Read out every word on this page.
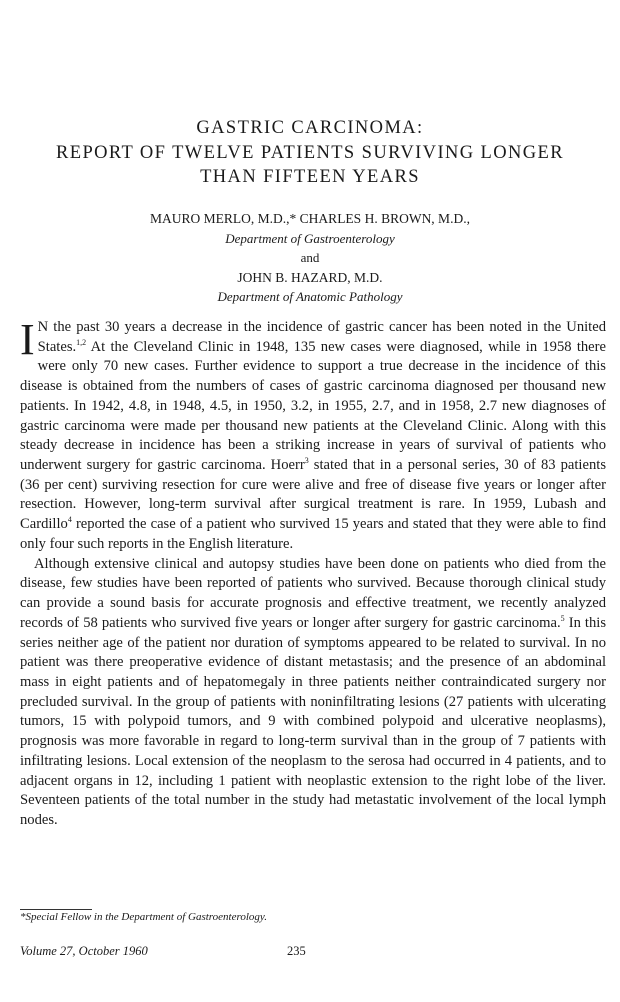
GASTRIC CARCINOMA:
REPORT OF TWELVE PATIENTS SURVIVING LONGER
THAN FIFTEEN YEARS
MAURO MERLO, M.D.,* CHARLES H. BROWN, M.D.,
Department of Gastroenterology
and
JOHN B. HAZARD, M.D.
Department of Anatomic Pathology

I N the past 30 years a decrease in the incidence of gastric cancer has been noted in the United States.$^{1,2}$ At the Cleveland Clinic in 1948, 135 new cases were diagnosed, while in 1958 there were only 70 new cases. Further evidence to support a true decrease in the incidence of this disease is obtained from the numbers of cases of gastric carcinoma diagnosed per thousand new patients. In 1942, 4.8, in 1948, 4.5, in 1950, 3.2, in 1955, 2.7, and in 1958, 2.7 new diagnoses of gastric carcinoma were made per thousand new patients at the Cleveland Clinic. Along with this steady decrease in incidence has been a striking increase in years of survival of patients who underwent surgery for gastric carcinoma. Hoerr$^3$ stated that in a personal series, 30 of 83 patients (36 per cent) surviving resection for cure were alive and free of disease five years or longer after resection. However, long-term survival after surgical treatment is rare. In 1959, Lubash and Cardillo$^4$ reported the case of a patient who survived 15 years and stated that they were able to find only four such reports in the English literature.

Although extensive clinical and autopsy studies have been done on patients who died from the disease, few studies have been reported of patients who survived. Because thorough clinical study can provide a sound basis for accurate prognosis and effective treatment, we recently analyzed records of 58 patients who survived five years or longer after surgery for gastric carcinoma.$^5$ In this series neither age of the patient nor duration of symptoms appeared to be related to survival. In no patient was there preoperative evidence of distant metastasis; and the presence of an abdominal mass in eight patients and of hepatomegaly in three patients neither contraindicated surgery nor precluded survival. In the group of patients with noninfiltrating lesions (27 patients with ulcerating tumors, 15 with polypoid tumors, and 9 with combined polypoid and ulcerative neoplasms), prognosis was more favorable in regard to long-term survival than in the group of 7 patients with infiltrating lesions. Local extension of the neoplasm to the serosa had occurred in 4 patients, and to adjacent organs in 12, including 1 patient with neoplastic extension to the right lobe of the liver. Seventeen patients of the total number in the study had metastatic involvement of the local lymph nodes.

*Special Fellow in the Department of Gastroenterology.
Volume 27, October 1960	235
